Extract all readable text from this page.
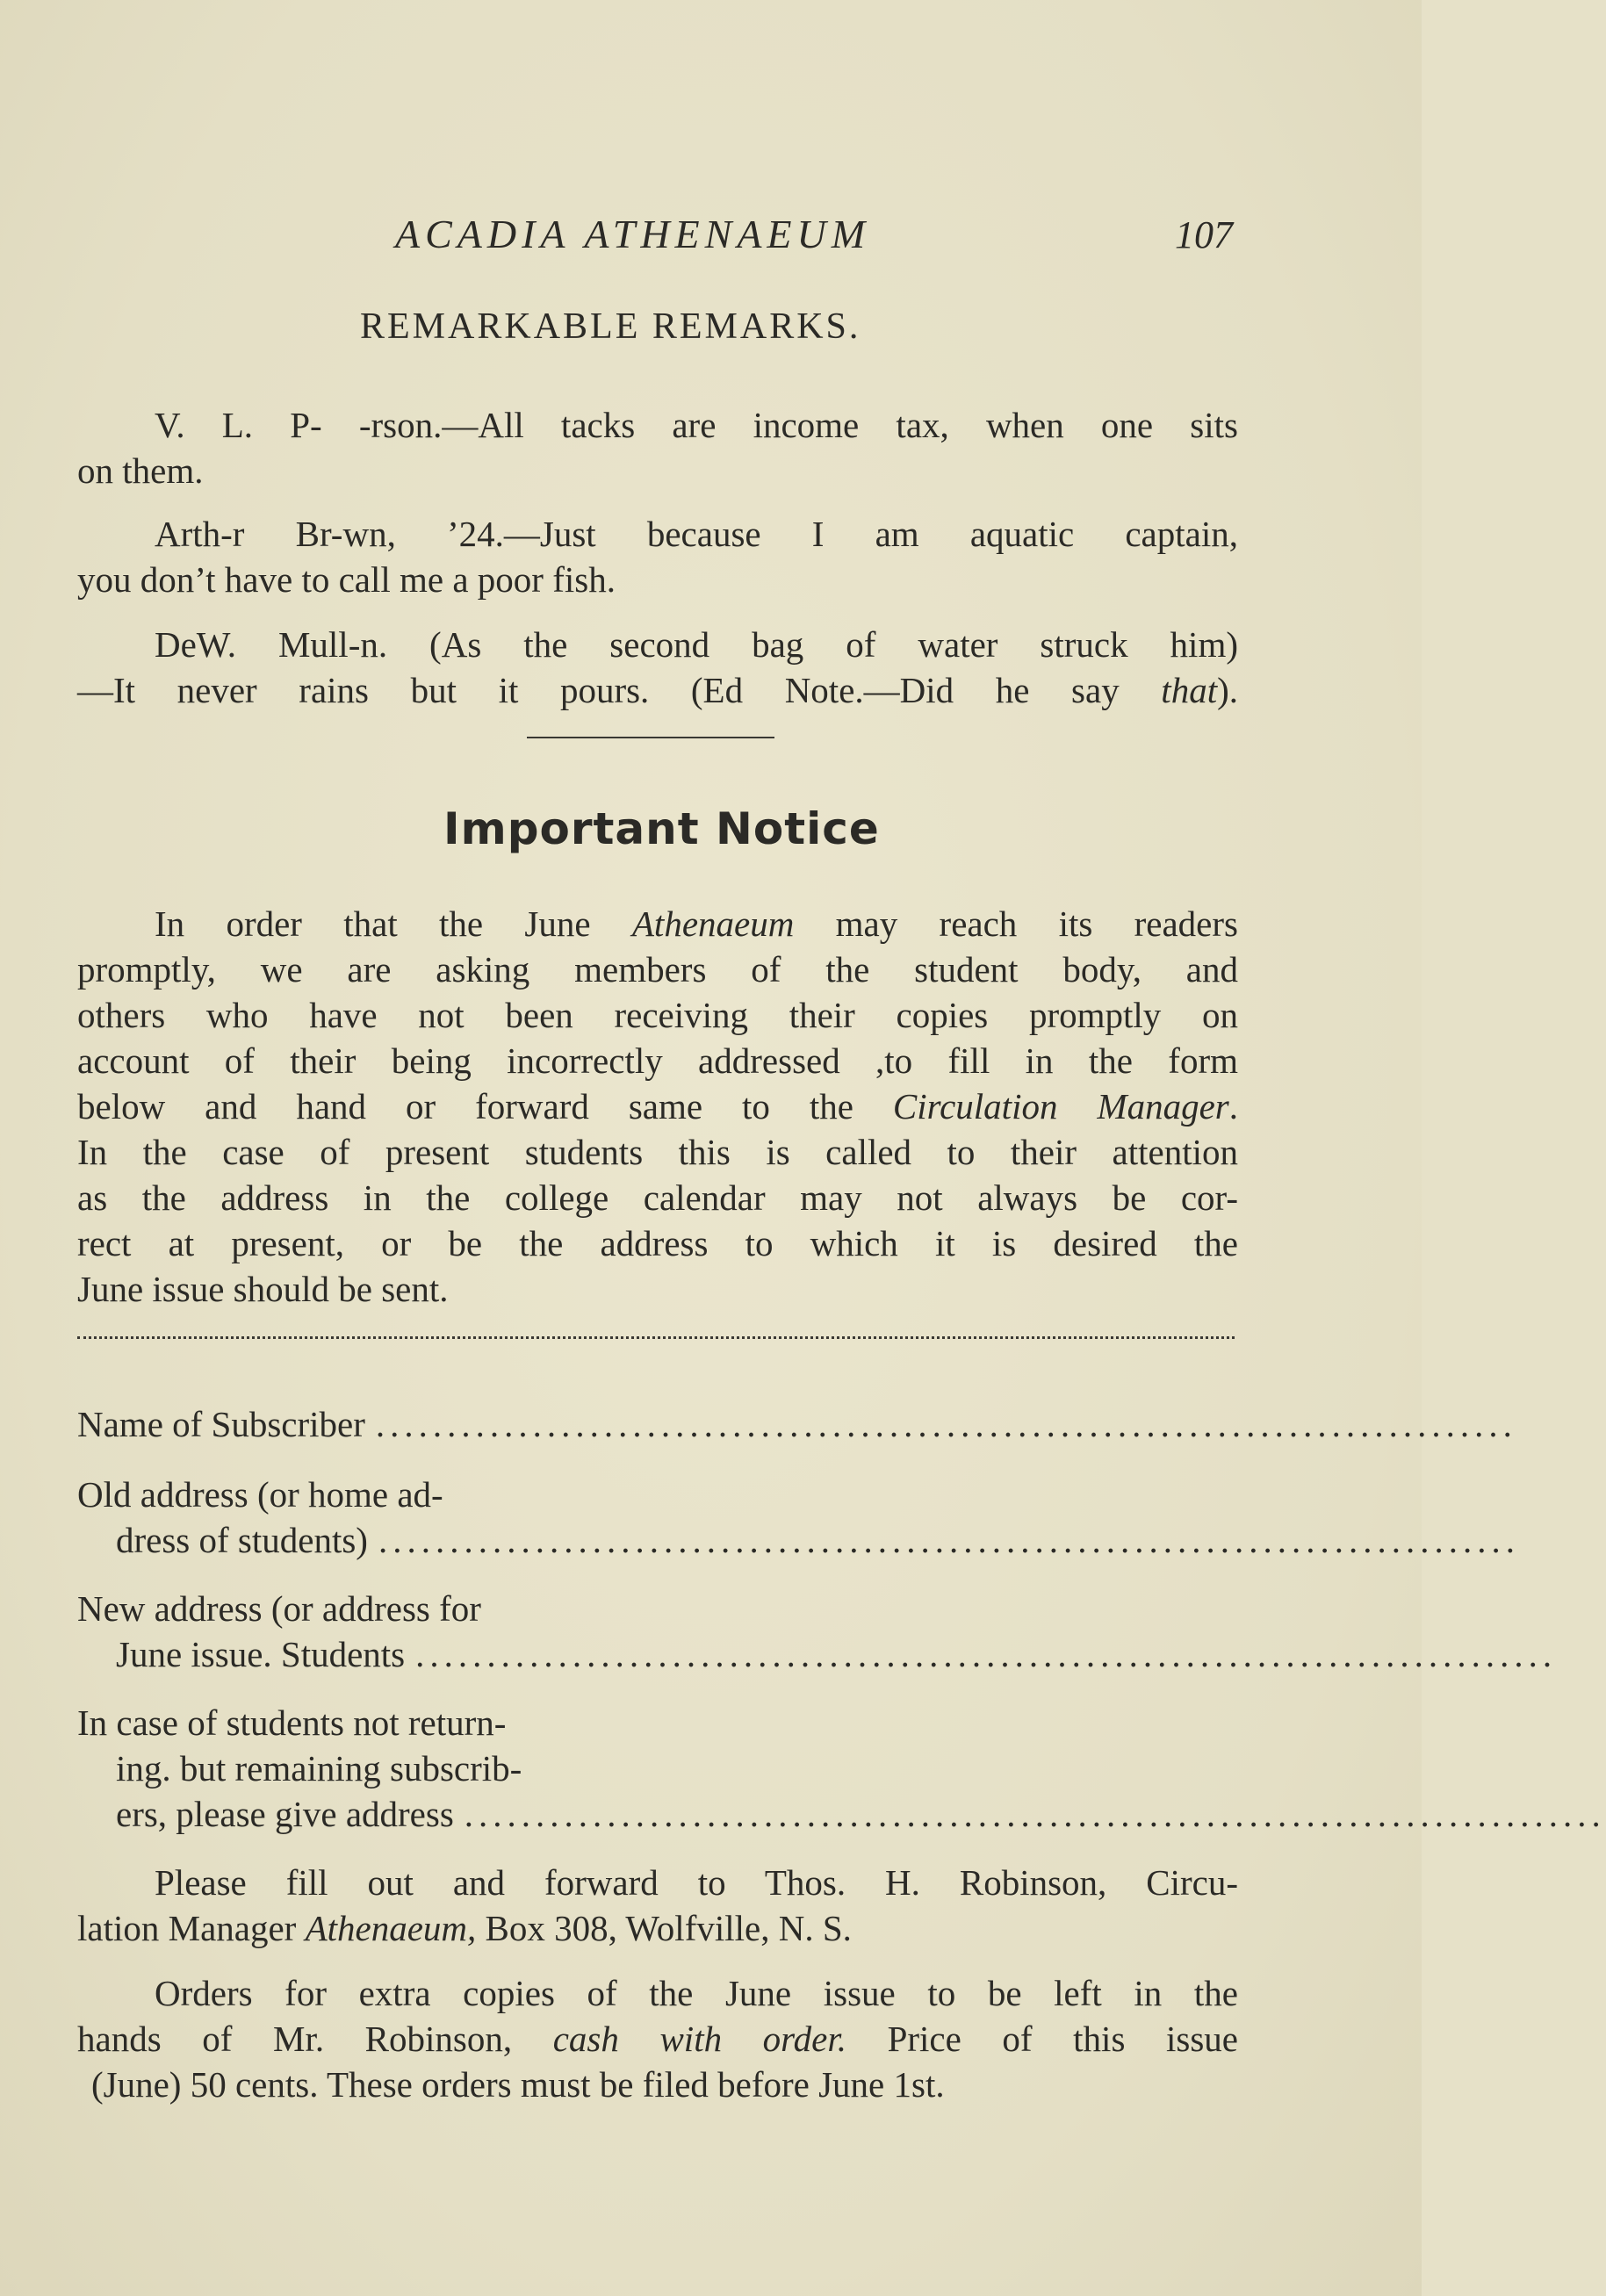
ACADIA ATHENAEUM	107
REMARKABLE REMARKS.

V. L. P- -rson.—All tacks are income tax, when one sits

on them.

Arth-r Br-wn, ’24.—Just because I am aquatic captain,

you don’t have to call me a poor fish.

DeW. Mull-n. (As the second bag of water struck him)

—It never rains but it pours. (Ed Note.—Did he say that).

Important Notice

In order that the June Athenaeum may reach its readers

promptly, we are asking members of the student body, and

others who have not been receiving their copies promptly on

account of their being incorrectly addressed ,to fill in the form

below and hand or forward same to the Circulation Manager.

In the case of present students this is called to their attention

as the address in the college calendar may not always be cor-

rect at present, or be the address to which it is desired the

June issue should be sent.

Name of Subscriber ................................................................................
Old address (or home ad-
dress of students) ................................................................................
New address (or address for
June issue. Students ................................................................................
In case of students not return-
ing. but remaining subscrib-
ers, please give address ................................................................................

Please fill out and forward to Thos. H. Robinson, Circu-

lation Manager Athenaeum, Box 308, Wolfville, N. S.

Orders for extra copies of the June issue to be left in the

hands of Mr. Robinson, cash with order. Price of this issue

(June) 50 cents. These orders must be filed before June 1st.
